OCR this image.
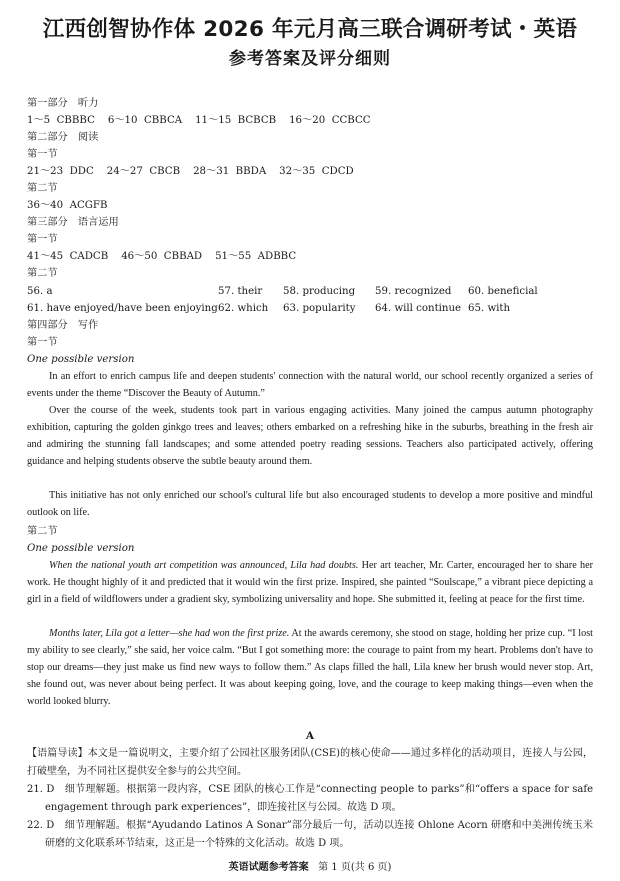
江西创智协作体 2026 年元月高三联合调研考试・英语
参考答案及评分细则
第一部分　听力
1～5 CBBBC 6～10 CBBCA 11～15 BCBCB 16～20 CCBCC
第二部分　阅读
第一节
21～23 DDC 24～27 CBCB 28～31 BBDA 32～35 CDCD
第二节
36～40 ACGFB
第三部分　语言运用
第一节
41～45 CADCB 46～50 CBBAD 51～55 ADBBC
第二节
56. a	57. their 58. producing 59. recognized 60. beneficial
61. have enjoyed/have been enjoying 62. which 63. popularity 64. will continue 65. with
第四部分　写作
第一节
One possible version
In an effort to enrich campus life and deepen students' connection with the natural world, our school recently organized a series of events under the theme “Discover the Beauty of Autumn.”
Over the course of the week, students took part in various engaging activities. Many joined the campus autumn photography exhibition, capturing the golden ginkgo trees and leaves; others embarked on a refreshing hike in the suburbs, breathing in the fresh air and admiring the stunning fall landscapes; and some attended poetry reading sessions. Teachers also participated actively, offering guidance and helping students observe the subtle beauty around them.
This initiative has not only enriched our school's cultural life but also encouraged students to develop a more positive and mindful outlook on life.
第二节
One possible version
When the national youth art competition was announced, Lila had doubts. Her art teacher, Mr. Carter, encouraged her to share her work. He thought highly of it and predicted that it would win the first prize. Inspired, she painted “Soulscape,” a vibrant piece depicting a girl in a field of wildflowers under a gradient sky, symbolizing universality and hope. She submitted it, feeling at peace for the first time.
Months later, Lila got a letter—she had won the first prize. At the awards ceremony, she stood on stage, holding her prize cup. “I lost my ability to see clearly,” she said, her voice calm. “But I got something more: the courage to paint from my heart. Problems don't have to stop our dreams—they just make us find new ways to follow them.” As claps filled the hall, Lila knew her brush would never stop. Art, she found out, was never about being perfect. It was about keeping going, love, and the courage to keep making things—even when the world looked blurry.
A
【语篇导读】本文是一篇说明文，主要介绍了公园社区服务团队(CSE)的核心使命——通过多样化的活动项目，连接人与公园，打破壁垒，为不同社区提供安全参与的公共空间。
21. D　细节理解题。根据第一段内容，CSE 团队的核心工作是“connecting people to parks”和“offers a space for safe engagement through park experiences”，即连接社区与公园。故选 D 项。
22. D　细节理解题。根据“Ayudando Latinos A Sonar”部分最后一句，活动以连接 Ohlone Acorn 研磨和中美洲传统玉米研磨的文化联系环节结束，这正是一个特殊的文化活动。故选 D 项。
英语试题参考答案 第 1 页(共 6 页)
